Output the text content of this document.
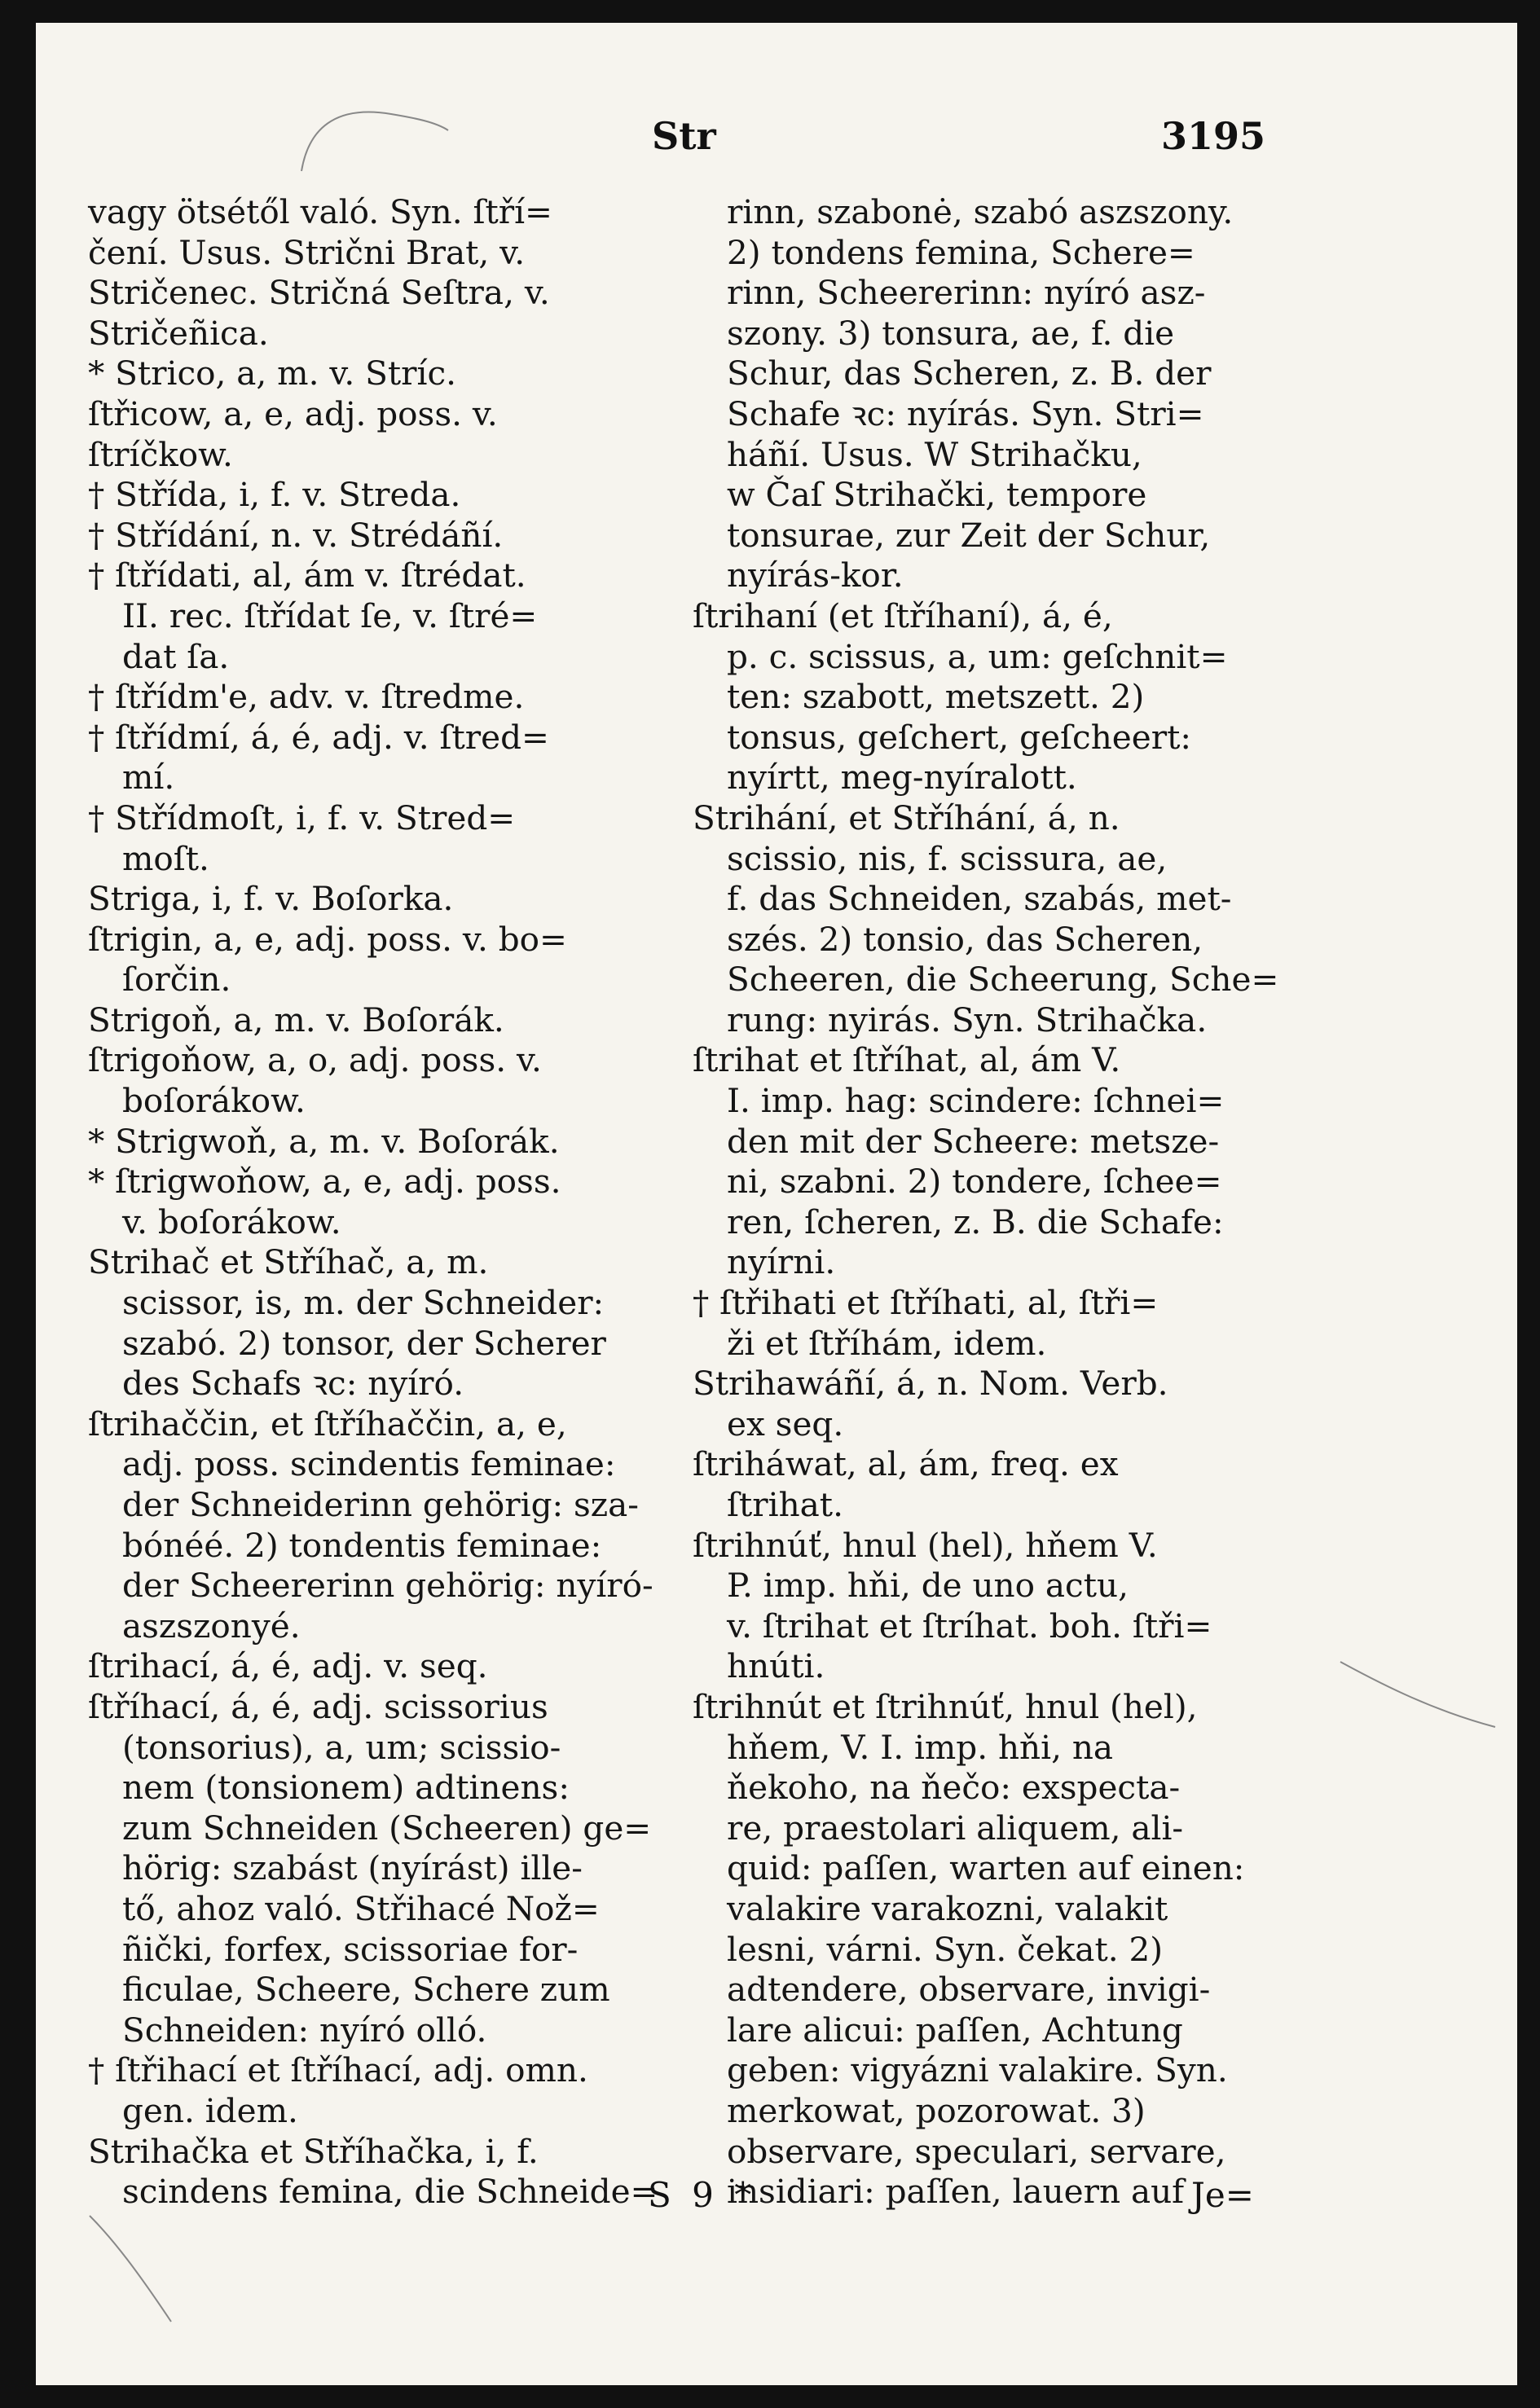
Str	3195
vagy ötsétől való. Syn. ſtří=
čení. Usus. Strični Brat, v.
Stričenec. Stričná Seſtra, v.
Stričeñica.
* Strico, a, m. v. Stríc.
ſtřicow, a, e, adj. poss. v.
ſtríčkow.
† Střída, i, f. v. Streda.
† Střídání, n. v. Strédáñí.
† ſtřídati, al, ám v. ſtrédat.
II. rec. ſtřídat ſe, v. ſtré=
dat ſa.
† ſtřídm'e, adv. v. ſtredme.
† ſtřídmí, á, é, adj. v. ſtred=
mí.
† Střídmoſt, i, f. v. Stred=
moſt.
Striga, i, f. v. Boſorka.
ſtrigin, a, e, adj. poss. v. bo=
ſorčin.
Strigoň, a, m. v. Boſorák.
ſtrigoňow, a, o, adj. poss. v.
boſorákow.
* Strigwoň, a, m. v. Boſorák.
* ſtrigwoňow, a, e, adj. poss.
v. boſorákow.
Strihač et Stříhač, a, m.
scissor, is, m. der Schneider:
szabó. 2) tonsor, der Scherer
des Schafs ꝛc: nyíró.
ſtrihaččin, et ſtříhaččin, a, e,
adj. poss. scindentis feminae:
der Schneiderinn gehörig: sza-
bónéé. 2) tondentis feminae:
der Scheererinn gehörig: nyíró-
aszszonyé.
ſtrihací, á, é, adj. v. seq.
ſtříhací, á, é, adj. scissorius
(tonsorius), a, um; scissio-
nem (tonsionem) adtinens:
zum Schneiden (Scheeren) ge=
hörig: szabást (nyírást) ille-
tő, ahoz való. Střihacé Nož=
ñički, forfex, scissoriae for-
ficulae, Scheere, Schere zum
Schneiden: nyíró olló.
† ſtřihací et ſtříhací, adj. omn.
gen. idem.
Strihačka et Stříhačka, i, f.
scindens femina, die Schneide=
rinn, szabonė, szabó aszszony.
2) tondens femina, Schere=
rinn, Scheererinn: nyíró asz-
szony. 3) tonsura, ae, f. die
Schur, das Scheren, z. B. der
Schafe ꝛc: nyírás. Syn. Stri=
háñí. Usus. W Strihačku,
w Čaſ Strihački, tempore
tonsurae, zur Zeit der Schur,
nyírás-kor.
ſtrihaní (et ſtříhaní), á, é,
p. c. scissus, a, um: geſchnit=
ten: szabott, metszett. 2)
tonsus, geſchert, geſcheert:
nyírtt, meg-nyíralott.
Strihání, et Stříhání, á, n.
scissio, nis, f. scissura, ae,
f. das Schneiden, szabás, met-
szés. 2) tonsio, das Scheren,
Scheeren, die Scheerung, Sche=
rung: nyirás. Syn. Strihačka.
ſtrihat et ſtříhat, al, ám V.
I. imp. hag: scindere: ſchnei=
den mit der Scheere: metsze-
ni, szabni. 2) tondere, ſchee=
ren, ſcheren, z. B. die Schafe:
nyírni.
† ſtřihati et ſtříhati, al, ſtři=
ži et ſtříhám, idem.
Strihawáñí, á, n. Nom. Verb.
ex seq.
ſtriháwat, al, ám, freq. ex
ſtrihat.
ſtrihnúť, hnul (hel), hňem V.
P. imp. hňi, de uno actu,
v. ſtrihat et ſtríhat. boh. ſtři=
hnúti.
ſtrihnút et ſtrihnúť, hnul (hel),
hňem, V. I. imp. hňi, na
ňekoho, na ňečo: exspecta-
re, praestolari aliquem, ali-
quid: paſſen, warten auf einen:
valakire varakozni, valakit
lesni, várni. Syn. čekat. 2)
adtendere, observare, invigi-
lare alicui: paſſen, Achtung
geben: vigyázni valakire. Syn.
merkowat, pozorowat. 3)
observare, speculari, servare,
insidiari: paſſen, lauern auf
S 9 *	Je=
